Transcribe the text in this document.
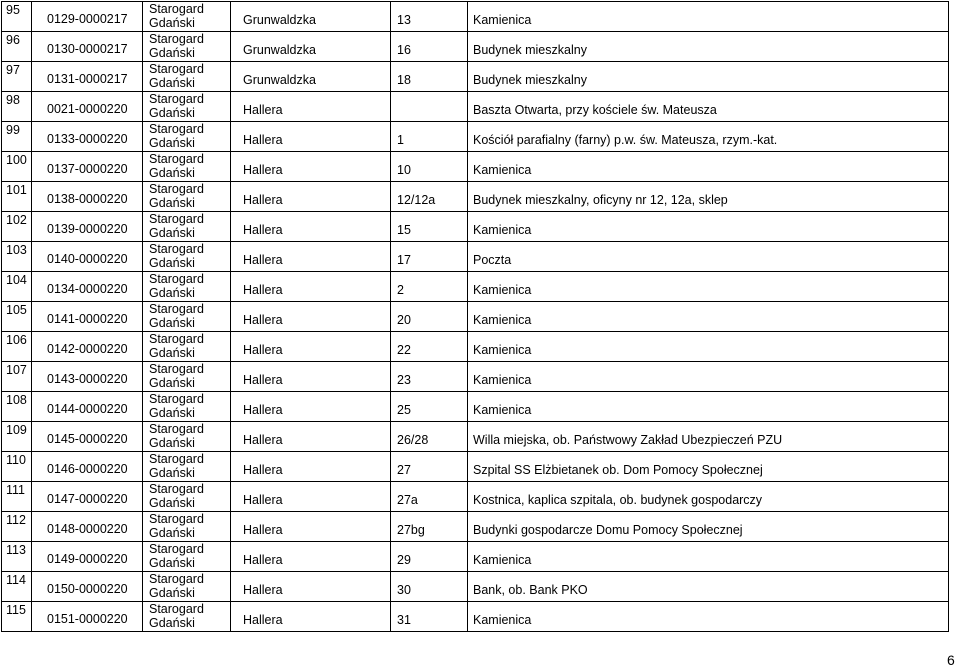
95	0129-0000217	Starogard
Gdański	Grunwaldzka	13	Kamienica

96	0130-0000217	Starogard
Gdański	Grunwaldzka	16	Budynek mieszkalny

97	0131-0000217	Starogard
Gdański	Grunwaldzka	18	Budynek mieszkalny

98	0021-0000220	Starogard
Gdański	Hallera		Baszta Otwarta, przy kościele św. Mateusza

99	0133-0000220	Starogard
Gdański	Hallera	1	Kościół parafialny (farny) p.w. św. Mateusza, rzym.-kat.

100	0137-0000220	Starogard
Gdański	Hallera	10	Kamienica

101	0138-0000220	Starogard
Gdański	Hallera	12/12a	Budynek mieszkalny, oficyny nr 12, 12a, sklep

102	0139-0000220	Starogard
Gdański	Hallera	15	Kamienica

103	0140-0000220	Starogard
Gdański	Hallera	17	Poczta

104	0134-0000220	Starogard
Gdański	Hallera	2	Kamienica

105	0141-0000220	Starogard
Gdański	Hallera	20	Kamienica

106	0142-0000220	Starogard
Gdański	Hallera	22	Kamienica

107	0143-0000220	Starogard
Gdański	Hallera	23	Kamienica

108	0144-0000220	Starogard
Gdański	Hallera	25	Kamienica

109	0145-0000220	Starogard
Gdański	Hallera	26/28	Willa miejska, ob. Państwowy Zakład Ubezpieczeń PZU

110	0146-0000220	Starogard
Gdański	Hallera	27	Szpital SS Elżbietanek ob. Dom Pomocy Społecznej

111	0147-0000220	Starogard
Gdański	Hallera	27a	Kostnica, kaplica szpitala, ob. budynek gospodarczy

112	0148-0000220	Starogard
Gdański	Hallera	27bg	Budynki gospodarcze Domu Pomocy Społecznej

113	0149-0000220	Starogard
Gdański	Hallera	29	Kamienica

114	0150-0000220	Starogard
Gdański	Hallera	30	Bank, ob. Bank PKO

115	0151-0000220	Starogard
Gdański	Hallera	31	Kamienica
6
